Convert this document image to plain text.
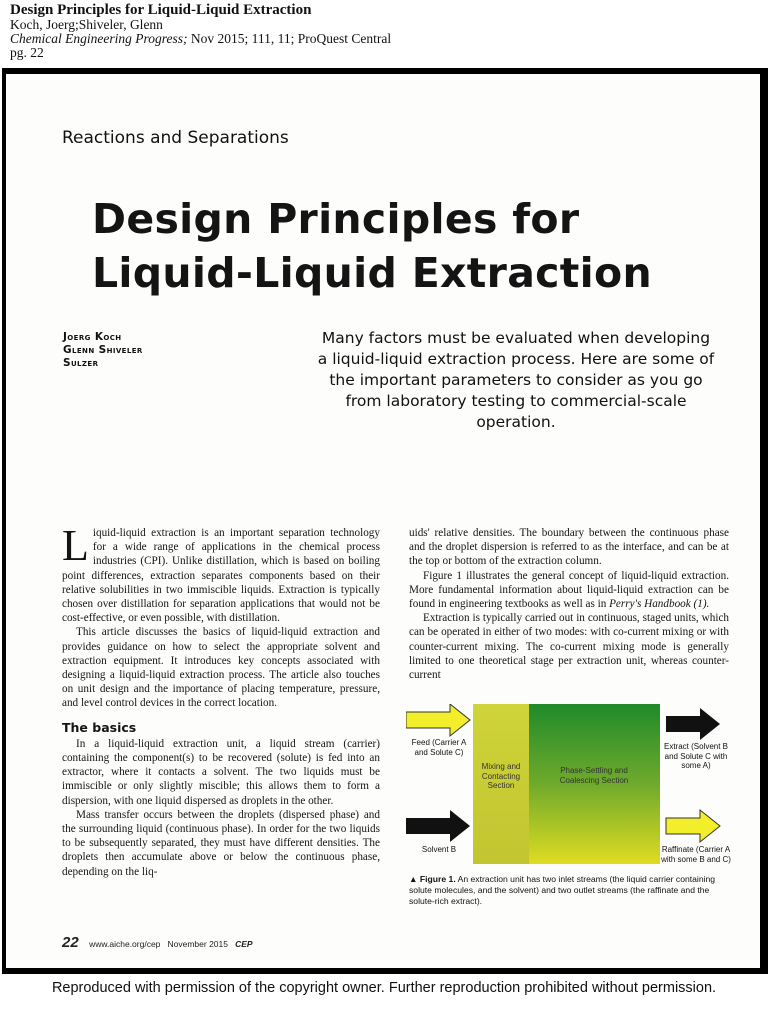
Design Principles for Liquid-Liquid Extraction
Koch, Joerg;Shiveler, Glenn
Chemical Engineering Progress; Nov 2015; 111, 11; ProQuest Central
pg. 22
Reactions and Separations
Design Principles for
Liquid-Liquid Extraction
Joerg Koch
Glenn Shiveler
Sulzer
Many factors must be evaluated when developing a liquid-liquid extraction process. Here are some of the important parameters to consider as you go from laboratory testing to commercial-scale operation.

Liquid-liquid extraction is an important separation technology for a wide range of applications in the chemical process industries (CPI). Unlike distillation, which is based on boiling point differences, extraction separates components based on their relative solubilities in two immiscible liquids. Extraction is typically chosen over distillation for separation applications that would not be cost-effective, or even possible, with distillation.

This article discusses the basics of liquid-liquid extraction and provides guidance on how to select the appropriate solvent and extraction equipment. It introduces key concepts associated with designing a liquid-liquid extraction process. The article also touches on unit design and the importance of placing temperature, pressure, and level control devices in the correct location.

The basics

In a liquid-liquid extraction unit, a liquid stream (carrier) containing the component(s) to be recovered (solute) is fed into an extractor, where it contacts a solvent. The two liquids must be immiscible or only slightly miscible; this allows them to form a dispersion, with one liquid dispersed as droplets in the other.

Mass transfer occurs between the droplets (dispersed phase) and the surrounding liquid (continuous phase). In order for the two liquids to be subsequently separated, they must have different densities. The droplets then accumulate above or below the continuous phase, depending on the liq-

uids' relative densities. The boundary between the continuous phase and the droplet dispersion is referred to as the interface, and can be at the top or bottom of the extraction column.

Figure 1 illustrates the general concept of liquid-liquid extraction. More fundamental information about liquid-liquid extraction can be found in engineering textbooks as well as in Perry's Handbook (1).

Extraction is typically carried out in continuous, staged units, which can be operated in either of two modes: with co-current mixing or with counter-current mixing. The co-current mixing mode is generally limited to one theoretical stage per extraction unit, whereas counter-current

Feed (Carrier A and Solute C)
Solvent B
Mixing and Contacting Section
Phase-Settling and Coalescing Section
Extract (Solvent B and Solute C with some A)
Raffinate (Carrier A with some B and C)
▲ Figure 1. An extraction unit has two inlet streams (the liquid carrier containing solute molecules, and the solvent) and two outlet streams (the raffinate and the solute-rich extract).
22 www.aiche.org/cep November 2015 CEP
Reproduced with permission of the copyright owner. Further reproduction prohibited without permission.
